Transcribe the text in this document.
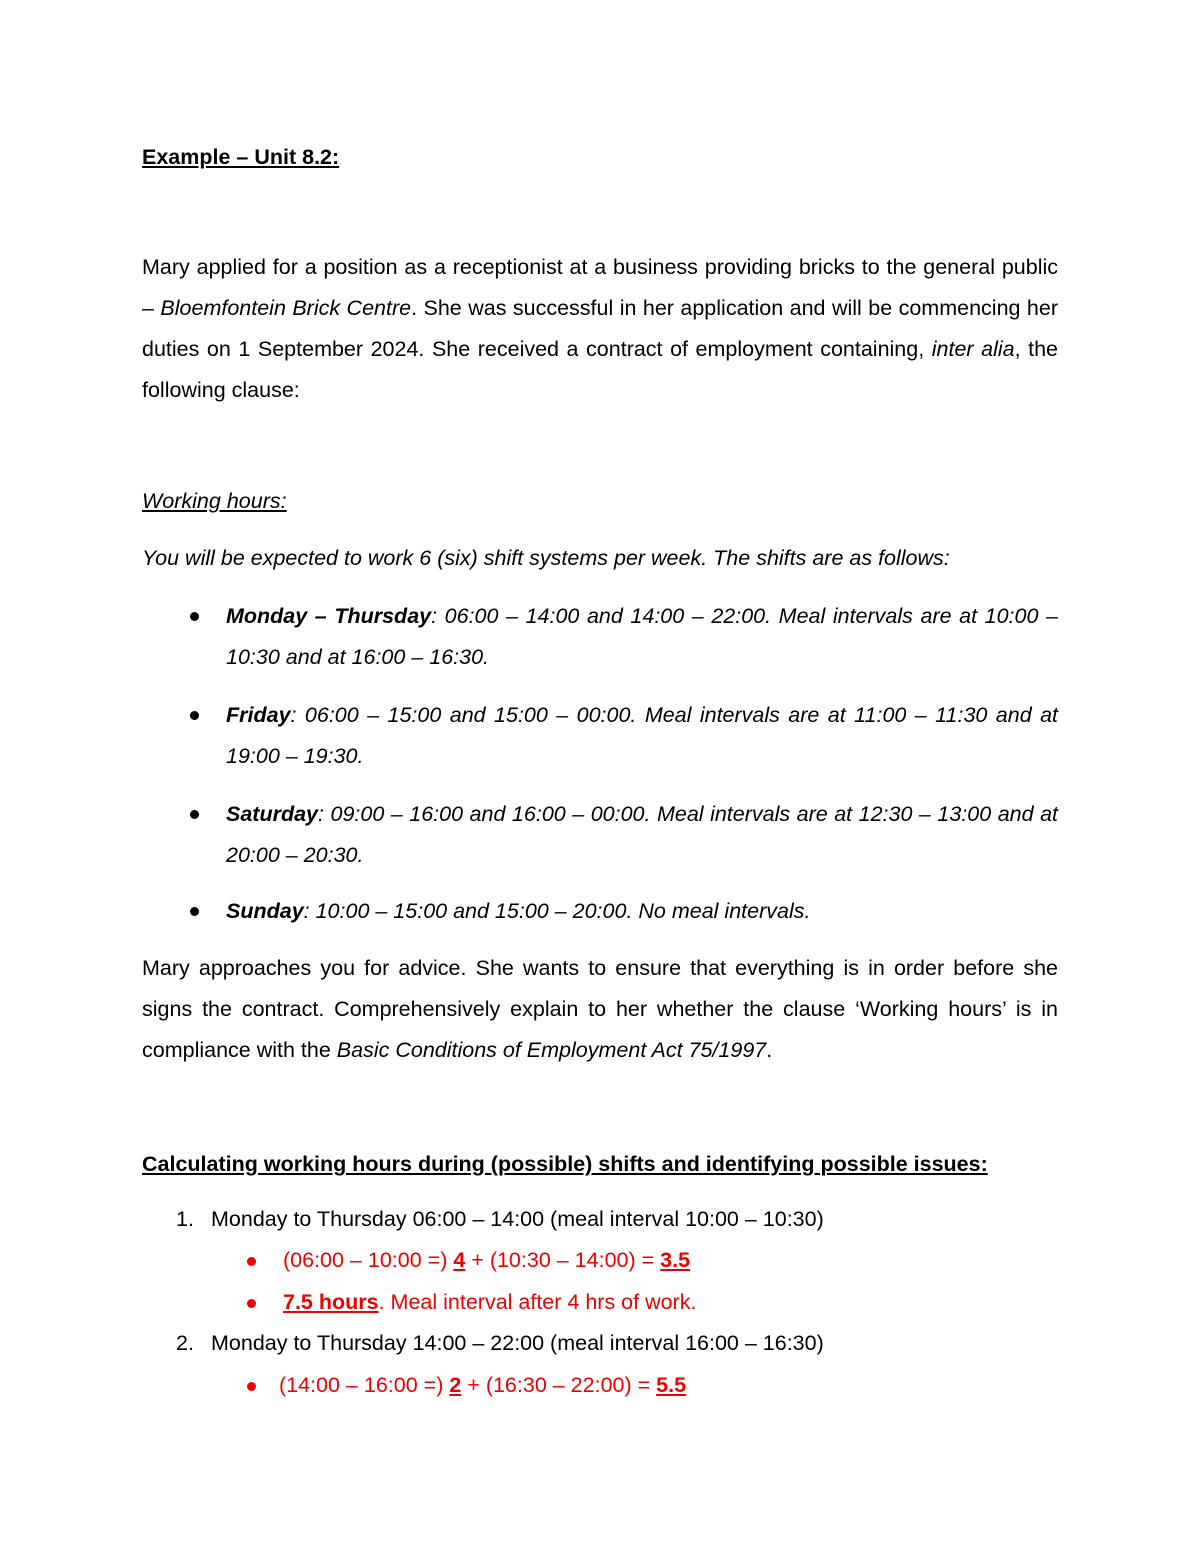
Example – Unit 8.2:
Mary applied for a position as a receptionist at a business providing bricks to the general public – Bloemfontein Brick Centre. She was successful in her application and will be commencing her duties on 1 September 2024. She received a contract of employment containing, inter alia, the following clause:
Working hours:
You will be expected to work 6 (six) shift systems per week. The shifts are as follows:
Monday – Thursday: 06:00 – 14:00 and 14:00 – 22:00. Meal intervals are at 10:00 – 10:30 and at 16:00 – 16:30.
Friday: 06:00 – 15:00 and 15:00 – 00:00. Meal intervals are at 11:00 – 11:30 and at 19:00 – 19:30.
Saturday: 09:00 – 16:00 and 16:00 – 00:00. Meal intervals are at 12:30 – 13:00 and at 20:00 – 20:30.
Sunday: 10:00 – 15:00 and 15:00 – 20:00. No meal intervals.
Mary approaches you for advice. She wants to ensure that everything is in order before she signs the contract. Comprehensively explain to her whether the clause ‘Working hours’ is in compliance with the Basic Conditions of Employment Act 75/1997.
Calculating working hours during (possible) shifts and identifying possible issues:
1. Monday to Thursday 06:00 – 14:00 (meal interval 10:00 – 10:30)
(06:00 – 10:00 =) 4 + (10:30 – 14:00) = 3.5
7.5 hours. Meal interval after 4 hrs of work.
2. Monday to Thursday 14:00 – 22:00 (meal interval 16:00 – 16:30)
(14:00 – 16:00 =) 2 + (16:30 – 22:00) = 5.5
